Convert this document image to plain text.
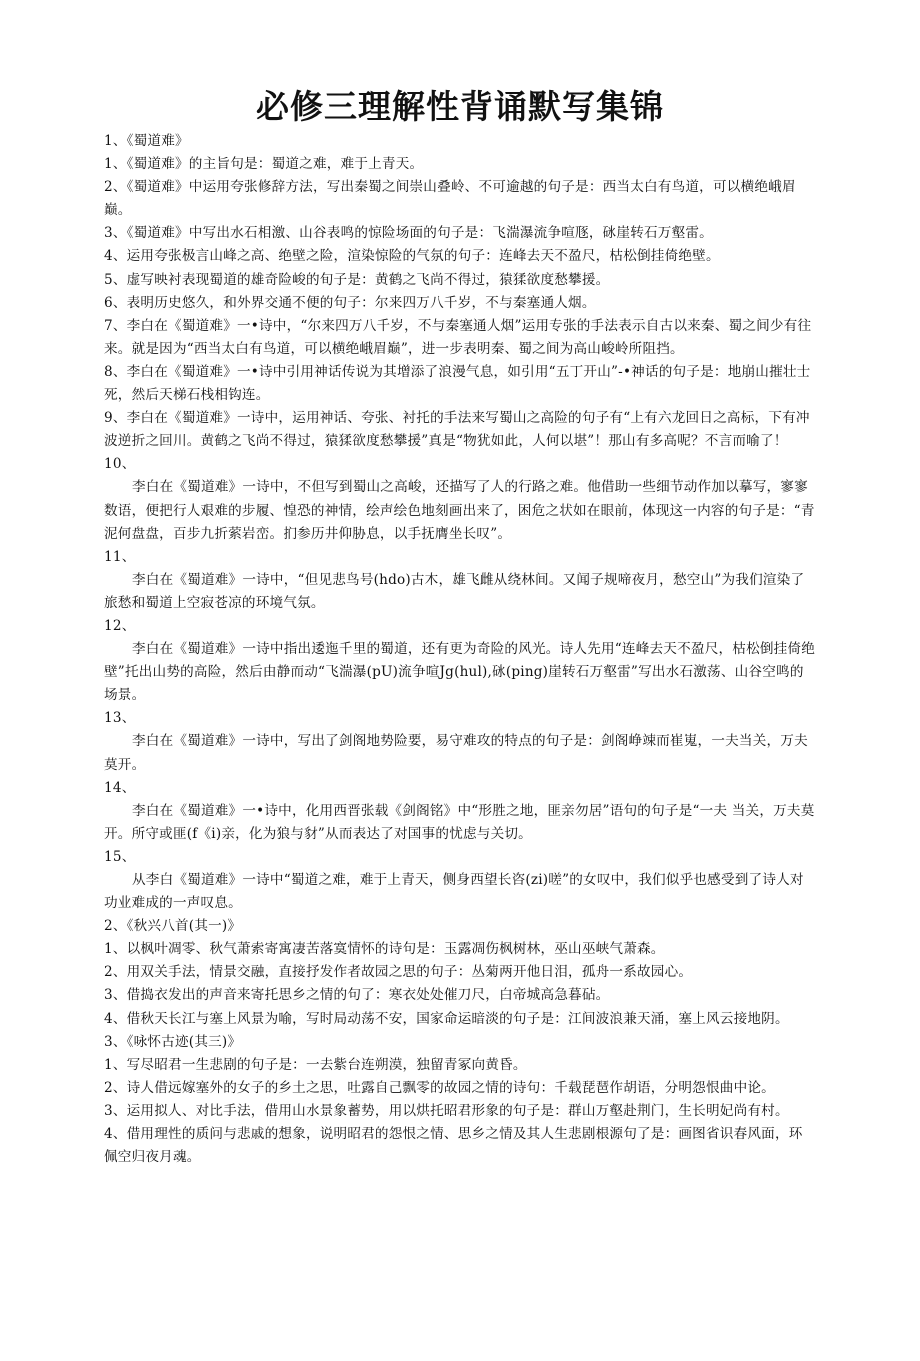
必修三理解性背诵默写集锦

1、《蜀道难》

1、《蜀道难》的主旨句是：蜀道之难，难于上青天。

2、《蜀道难》中运用夸张修辞方法，写出秦蜀之间崇山叠岭、不可逾越的句子是：西当太白有鸟道，可以横绝峨眉巅。

3、《蜀道难》中写出水石相激、山谷表鸣的惊险场面的句子是：飞湍瀑流争喧豗，砯崖转石万壑雷。

4、运用夸张极言山峰之高、绝壁之险，渲染惊险的气氛的句子：连峰去天不盈尺，枯松倒挂倚绝壁。

5、虚写映衬表现蜀道的雄奇险峻的旬子是：黄鹤之飞尚不得过，猿猱欲度愁攀援。

6、表明历史悠久，和外界交通不便的句子：尔来四万八千岁，不与秦塞通人烟。

7、李白在《蜀道难》一•诗中，“尔来四万八千岁，不与秦塞通人烟”运用专张的手法表示自古以来秦、蜀之间少有往来。就是因为“西当太白有鸟道，可以横绝峨眉巅”，进一步表明秦、蜀之间为高山峻岭所阻挡。

8、李白在《蜀道难》一•诗中引用神话传说为其增添了浪漫气息，如引用“五丁开山”-•神话的句子是：地崩山摧壮士死，然后天梯石栈相钩连。

9、李白在《蜀道难》一诗中，运用神话、夸张、衬托的手法来写蜀山之高险的句子有“上有六龙回日之高标，下有冲波逆折之回川。黄鹤之飞尚不得过，猿猱欲度愁攀援”真是“物犹如此，人何以堪”！那山有多高呢？不言而喻了！

10、

李白在《蜀道难》一诗中，不但写到蜀山之高峻，还描写了人的行路之难。他借助一些细节动作加以摹写，寥寥数语，便把行人艰难的步履、惶恐的神情，绘声绘色地刻画出来了，困危之状如在眼前，体现这一内容的句子是：“青泥何盘盘，百步九折萦岩峦。扪参历井仰胁息，以手抚膺坐长叹”。

11、

李白在《蜀道难》一诗中，“但见悲鸟号(hdo)古木，雄飞雌从绕林间。又闻子规啼夜月，愁空山”为我们渲染了旅愁和蜀道上空寂苍凉的环境气氛。

12、

李白在《蜀道难》一诗中指出逶迤千里的蜀道，还有更为奇险的风光。诗人先用“连峰去天不盈尺，枯松倒挂倚绝壁”托出山势的高险，然后由静而动“飞湍瀑(pU)流争喧Jg(hul),砯(ping)崖转石万壑雷”写出水石激荡、山谷空鸣的场景。

13、

李白在《蜀道难》一诗中，写出了剑阁地势险要，易守难攻的特点的句子是：剑阁峥竦而崔嵬，一夫当关，万夫莫开。

14、

李白在《蜀道难》一•诗中，化用西晋张载《剑阁铭》中“形胜之地，匪亲勿居”语句的句子是“一夫 当关，万夫莫开。所守或匪(f《i)亲，化为狼与豺”从而表达了对国事的忧虑与关切。

15、

从李白《蜀道难》一诗中“蜀道之难，难于上青天，侧身西望长咨(zi)嗟”的女叹中，我们似乎也感受到了诗人对功业难成的一声叹息。

2、《秋兴八首(其一)》

1、以枫叶凋零、秋气萧索寄寓凄苦落寞情怀的诗句是：玉露凋伤枫树林，巫山巫峡气萧森。

2、用双关手法，情景交融，直接抒发作者故园之思的句子：丛菊两开他日泪，孤舟一系故园心。

3、借捣衣发出的声音来寄托思乡之情的句了：寒衣处处催刀尺，白帝城高急暮砧。

4、借秋天长江与塞上风景为喻，写时局动荡不安，国家命运暗淡的句子是：江间波浪兼天涌，塞上风云接地阴。

3、《咏怀古迹(其三)》

1、写尽昭君一生悲剧的句子是：一去紫台连朔漠，独留青冢向黄昏。

2、诗人借远嫁塞外的女子的乡土之思，吐露自己飘零的故园之情的诗句：千载琵琶作胡语，分明怨恨曲中论。

3、运用拟人、对比手法，借用山水景象蓄势，用以烘托昭君形象的句子是：群山万壑赴荆门，生长明妃尚有村。

4、借用理性的质问与悲戚的想象，说明昭君的怨恨之情、思乡之情及其人生悲剧根源句了是：画图省识春风面，环佩空归夜月魂。
